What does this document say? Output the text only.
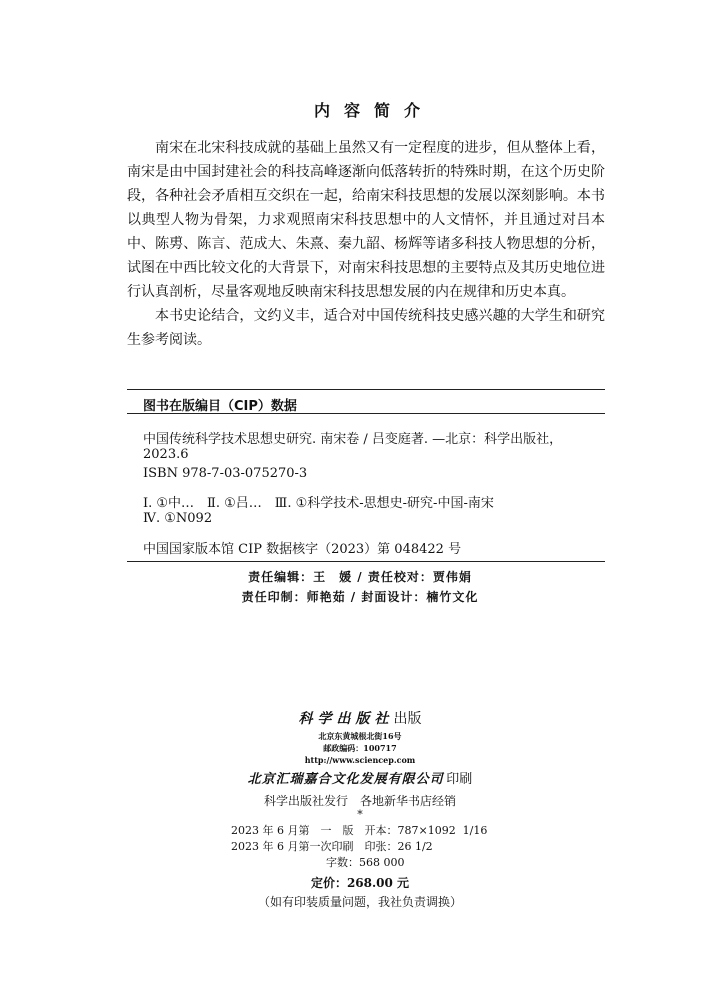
内容简介

南宋在北宋科技成就的基础上虽然又有一定程度的进步，但从整体上看，南宋是由中国封建社会的科技高峰逐渐向低落转折的特殊时期，在这个历史阶段，各种社会矛盾相互交织在一起，给南宋科技思想的发展以深刻影响。本书以典型人物为骨架，力求观照南宋科技思想中的人文情怀，并且通过对吕本中、陈旉、陈言、范成大、朱熹、秦九韶、杨辉等诸多科技人物思想的分析，试图在中西比较文化的大背景下，对南宋科技思想的主要特点及其历史地位进行认真剖析，尽量客观地反映南宋科技思想发展的内在规律和历史本真。

本书史论结合，文约义丰，适合对中国传统科技史感兴趣的大学生和研究生参考阅读。

图书在版编目（CIP）数据
中国传统科学技术思想史研究. 南宋卷 / 吕变庭著. —北京：科学出版社，
2023.6
ISBN 978-7-03-075270-3
Ⅰ. ①中…　Ⅱ. ①吕…　Ⅲ. ①科学技术-思想史-研究-中国-南宋
Ⅳ. ①N092
中国国家版本馆 CIP 数据核字（2023）第 048422 号
责任编辑：王　媛 / 责任校对：贾伟娟
责任印制：师艳茹 / 封面设计：楠竹文化
科学出版社出版
北京东黄城根北街16号
邮政编码：100717
http://www.sciencep.com
北京汇瑞嘉合文化发展有限公司  印刷
科学出版社发行　各地新华书店经销
*
2023 年 6 月第　一　版　开本：787×1092  1/16
2023 年 6 月第一次印刷　印张：26 1/2
字数：568 000
定价：268.00 元
（如有印装质量问题，我社负责调换）
